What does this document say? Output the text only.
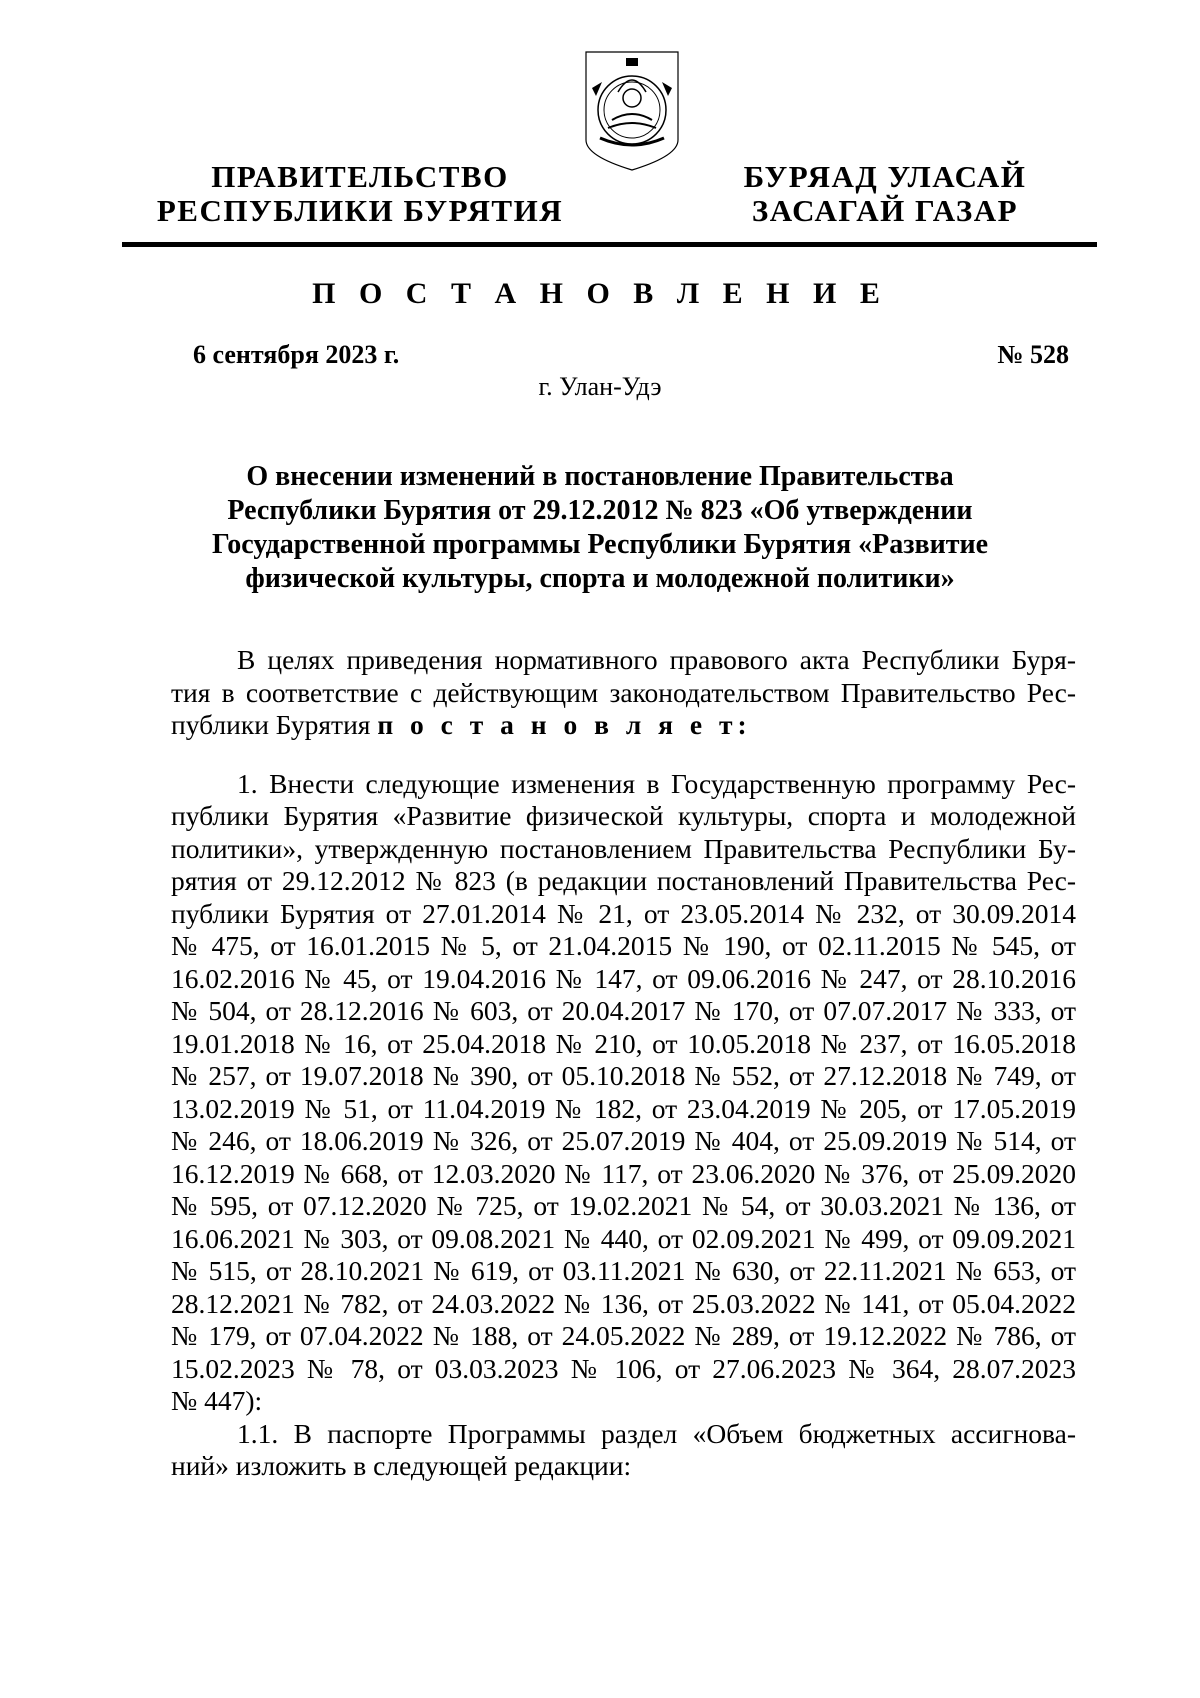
ПРАВИТЕЛЬСТВО
РЕСПУБЛИКИ БУРЯТИЯ
БУРЯАД УЛАСАЙ
ЗАСАГАЙ ГАЗАР
П О С Т А Н О В Л Е Н И Е
6 сентября 2023 г.	№ 528
г. Улан-Удэ
О внесении изменений в постановление Правительства
Республики Бурятия от 29.12.2012 № 823 «Об утверждении
Государственной программы Республики Бурятия «Развитие
физической культуры, спорта и молодежной политики»
В целях приведения нормативного правового акта Республики Буря-
тия в соответствие с действующим законодательством Правительство Рес-
публики Бурятия п о с т а н о в л я е т:
1. Внести следующие изменения в Государственную программу Рес-
публики Бурятия «Развитие физической культуры, спорта и молодежной
политики», утвержденную постановлением Правительства Республики Бу-
рятия от 29.12.2012 № 823 (в редакции постановлений Правительства Рес-
публики Бурятия от 27.01.2014 № 21, от 23.05.2014 № 232, от 30.09.2014
№ 475, от 16.01.2015 № 5, от 21.04.2015 № 190, от 02.11.2015 № 545, от
16.02.2016 № 45, от 19.04.2016 № 147, от 09.06.2016 № 247, от 28.10.2016
№ 504, от 28.12.2016 № 603, от 20.04.2017 № 170, от 07.07.2017 № 333, от
19.01.2018 № 16, от 25.04.2018 № 210, от 10.05.2018 № 237, от 16.05.2018
№ 257, от 19.07.2018 № 390, от 05.10.2018 № 552, от 27.12.2018 № 749, от
13.02.2019 № 51, от 11.04.2019 № 182, от 23.04.2019 № 205, от 17.05.2019
№ 246, от 18.06.2019 № 326, от 25.07.2019 № 404, от 25.09.2019 № 514, от
16.12.2019 № 668, от 12.03.2020 № 117, от 23.06.2020 № 376, от 25.09.2020
№ 595, от 07.12.2020 № 725, от 19.02.2021 № 54, от 30.03.2021 № 136, от
16.06.2021 № 303, от 09.08.2021 № 440, от 02.09.2021 № 499, от 09.09.2021
№ 515, от 28.10.2021 № 619, от 03.11.2021 № 630, от 22.11.2021 № 653, от
28.12.2021 № 782, от 24.03.2022 № 136, от 25.03.2022 № 141, от 05.04.2022
№ 179, от 07.04.2022 № 188, от 24.05.2022 № 289, от 19.12.2022 № 786, от
15.02.2023 № 78, от 03.03.2023 № 106, от 27.06.2023 № 364, 28.07.2023
№ 447):
1.1. В паспорте Программы раздел «Объем бюджетных ассигнова-
ний» изложить в следующей редакции:
